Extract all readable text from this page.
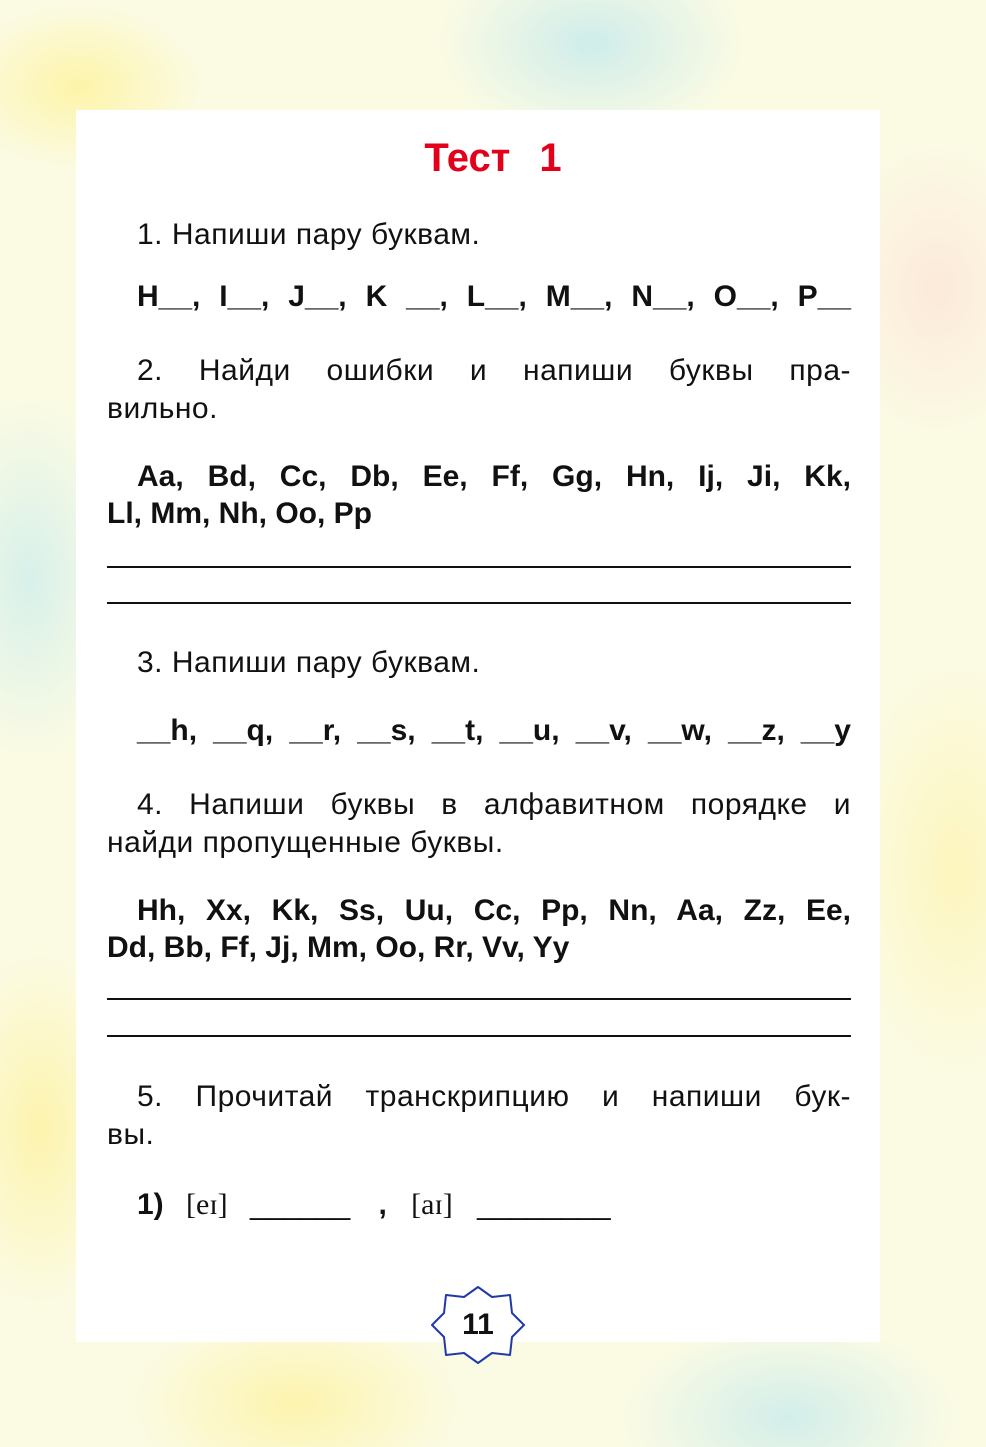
Тест 1
1. Напиши пару буквам.
H__, I__, J__, K __, L__, M__, N__, O__, P__
2. Найди ошибки и напиши буквы пра-
вильно.
Aa, Bd, Cc, Db, Ee, Ff, Gg, Hn, Ij, Ji, Kk,
Ll, Mm, Nh, Oo, Pp
3. Напиши пару буквам.
__h, __q, __r, __s, __t, __u, __v, __w, __z, __y
4. Напиши буквы в алфавитном порядке и
найди пропущенные буквы.
Hh, Xx, Kk, Ss, Uu, Cc, Pp, Nn, Aa, Zz, Ee,
Dd, Bb, Ff, Jj, Mm, Oo, Rr, Vv, Yy
5. Прочитай транскрипцию и напиши бук-
вы.
1) [eɪ] ______ , [aɪ] ________
11
